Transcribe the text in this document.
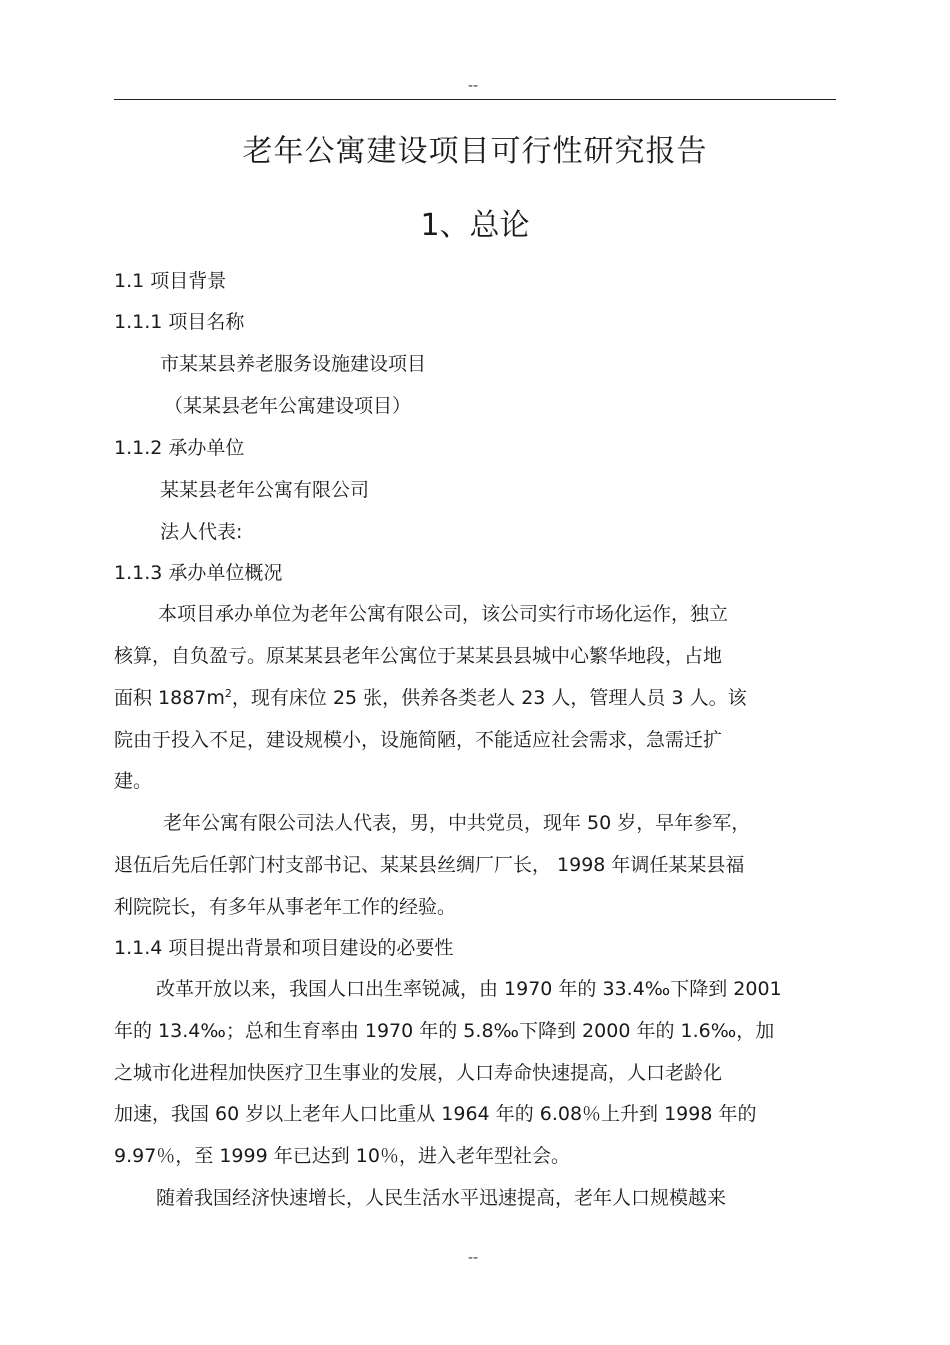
--
老年公寓建设项目可行性研究报告
1、总论
1.1 项目背景
1.1.1 项目名称
市某某县养老服务设施建设项目
（某某县老年公寓建设项目）
1.1.2 承办单位
某某县老年公寓有限公司
法人代表:
1.1.3 承办单位概况
本项目承办单位为老年公寓有限公司，该公司实行市场化运作，独立
核算，自负盈亏。原某某县老年公寓位于某某县县城中心繁华地段，占地
面积 $1887m^2$，现有床位 25 张，供养各类老人 23 人，管理人员 3 人。该
院由于投入不足，建设规模小，设施简陋，不能适应社会需求，急需迁扩
建。
老年公寓有限公司法人代表，男，中共党员，现年 50 岁，早年参军，
退伍后先后任郭门村支部书记、某某县丝绸厂厂长， 1998 年调任某某县福
利院院长，有多年从事老年工作的经验。
1.1.4 项目提出背景和项目建设的必要性
改革开放以来，我国人口出生率锐减，由 1970 年的 33.4‰下降到 2001
年的 13.4‰；总和生育率由 1970 年的 5.8‰下降到 2000 年的 1.6‰，加
之城市化进程加快医疗卫生事业的发展，人口寿命快速提高，人口老龄化
加速，我国 60 岁以上老年人口比重从 1964 年的 6.08％上升到 1998 年的
9.97％，至 1999 年已达到 10％，进入老年型社会。
随着我国经济快速增长，人民生活水平迅速提高，老年人口规模越来
--
